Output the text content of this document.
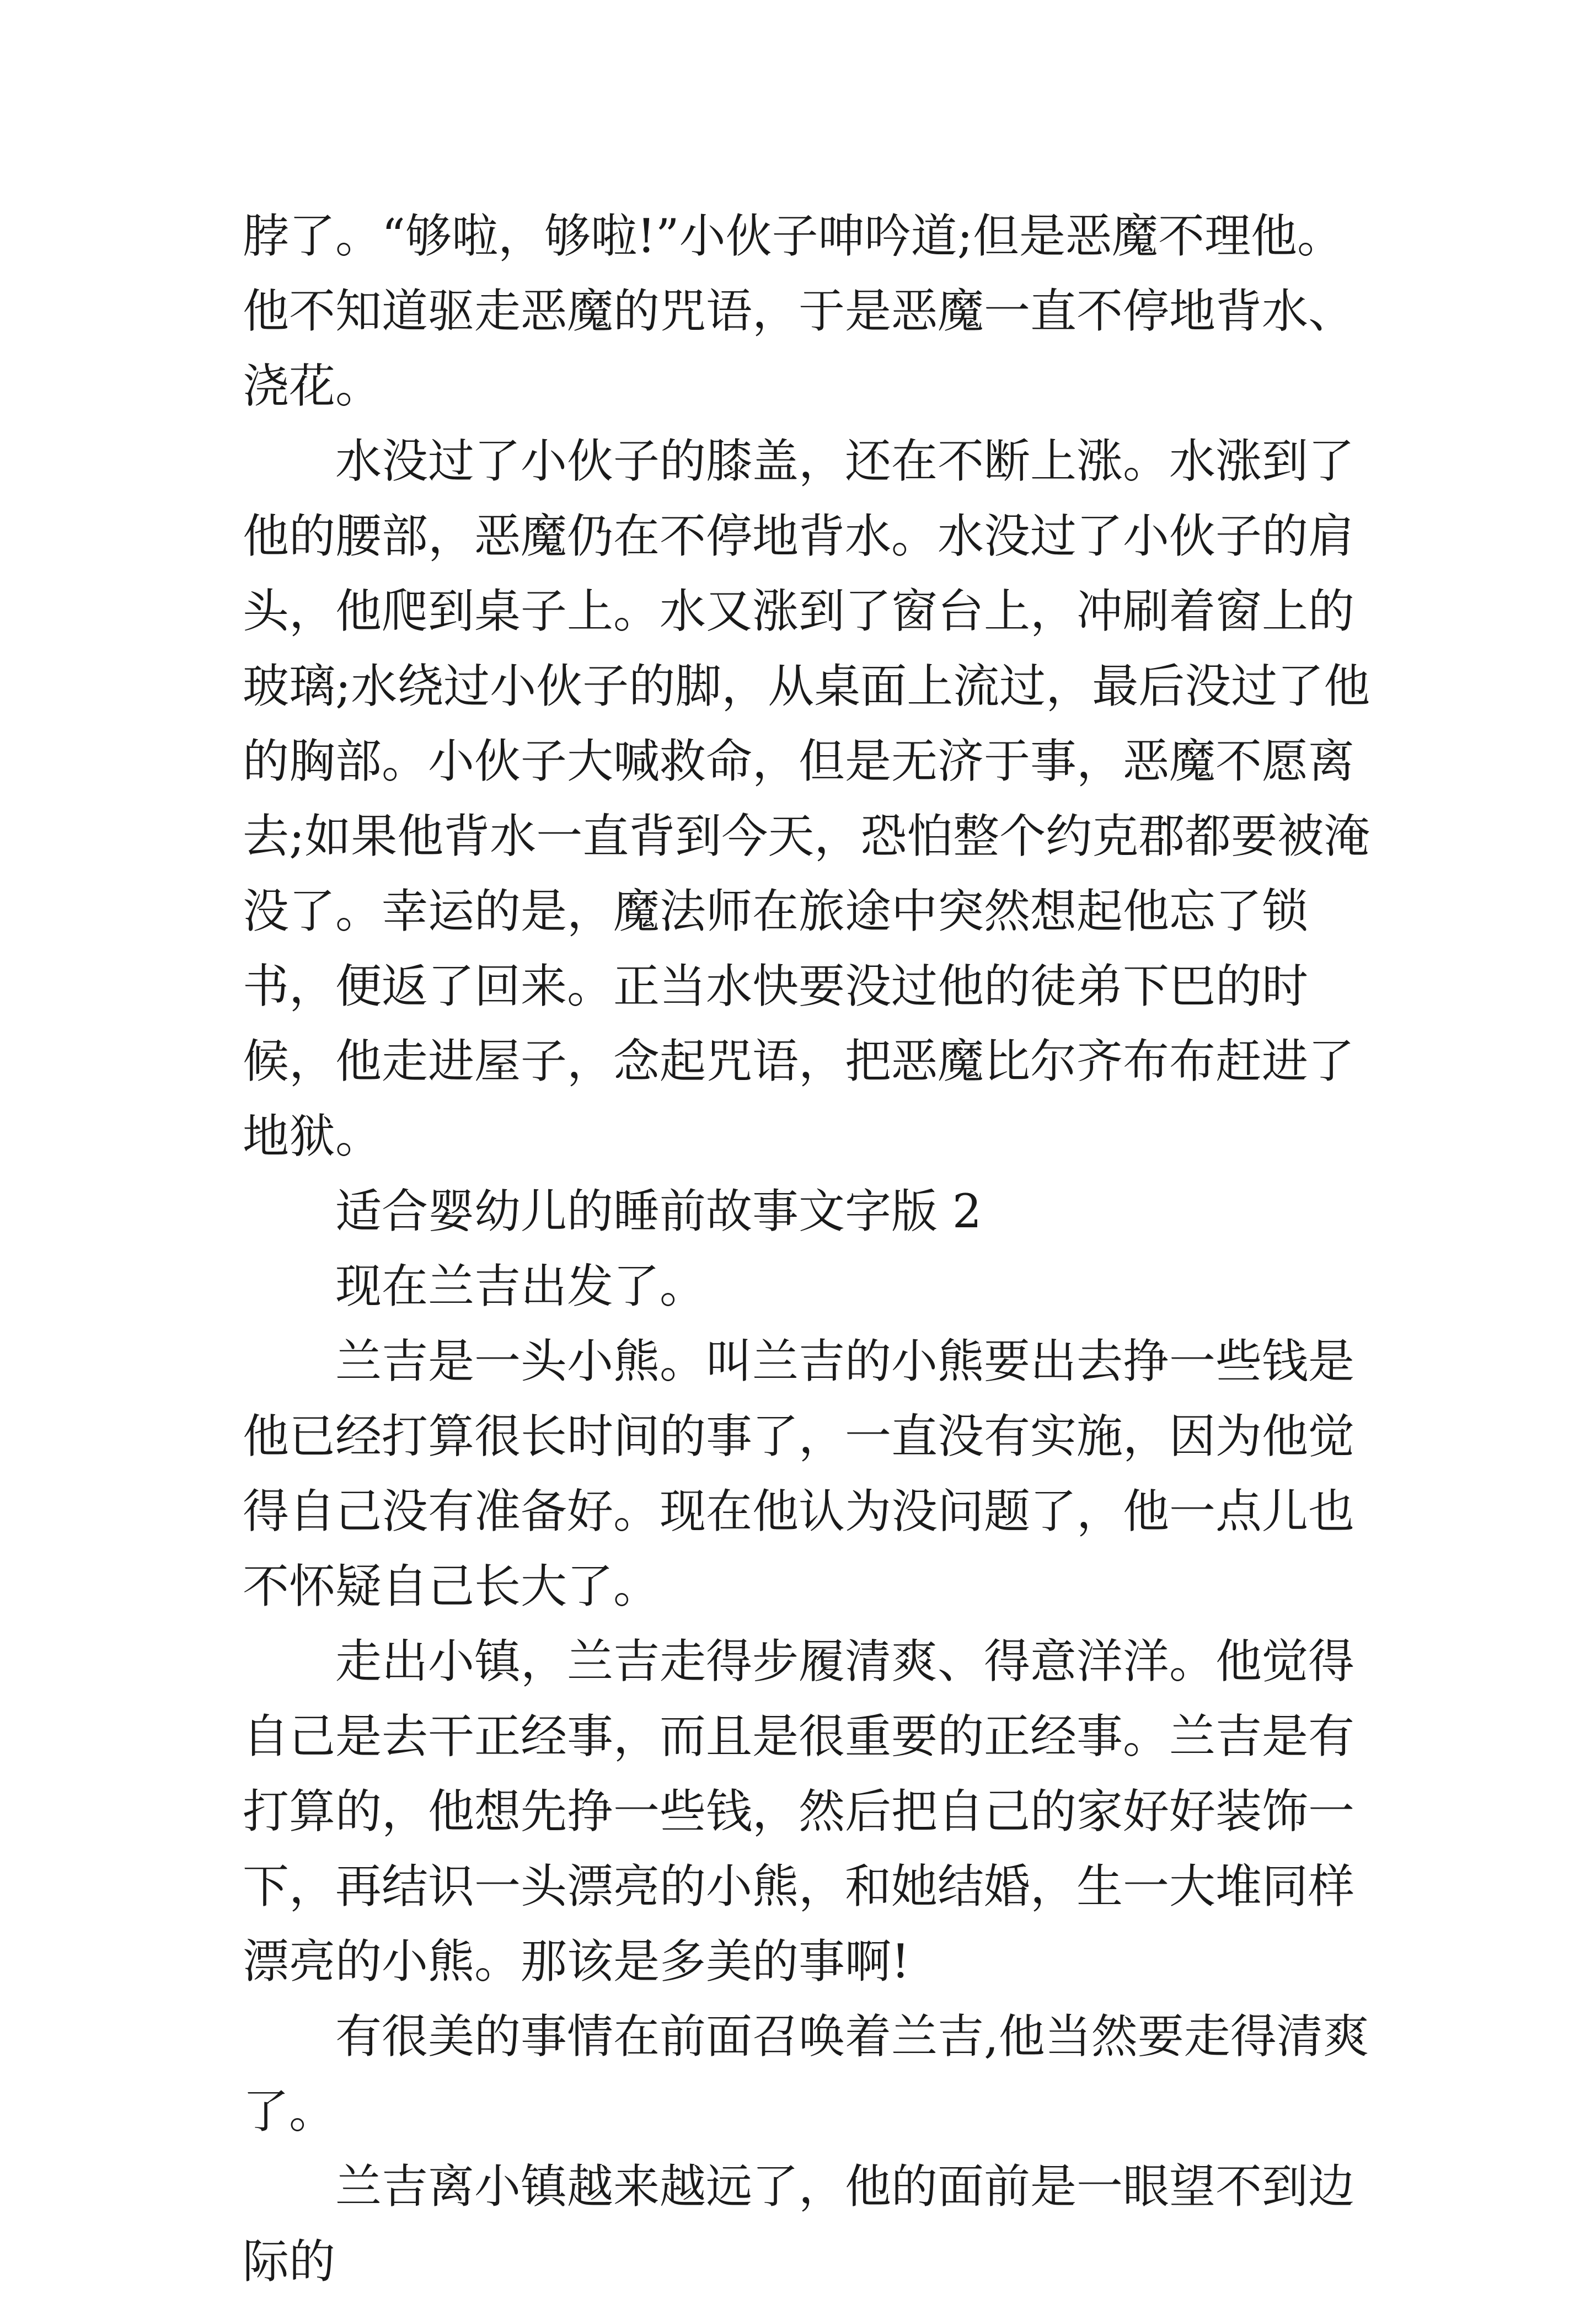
脖了。“够啦，够啦!”小伙子呻吟道;但是恶魔不理他。他不知道驱走恶魔的咒语，于是恶魔一直不停地背水、浇花。

水没过了小伙子的膝盖，还在不断上涨。水涨到了他的腰部，恶魔仍在不停地背水。水没过了小伙子的肩头，他爬到桌子上。水又涨到了窗台上，冲刷着窗上的玻璃;水绕过小伙子的脚，从桌面上流过，最后没过了他的胸部。小伙子大喊救命，但是无济于事，恶魔不愿离去;如果他背水一直背到今天，恐怕整个约克郡都要被淹没了。幸运的是，魔法师在旅途中突然想起他忘了锁书，便返了回来。正当水快要没过他的徒弟下巴的时候，他走进屋子，念起咒语，把恶魔比尔齐布布赶进了地狱。

适合婴幼儿的睡前故事文字版 2

现在兰吉出发了。

兰吉是一头小熊。叫兰吉的小熊要出去挣一些钱是他已经打算很长时间的事了，一直没有实施，因为他觉得自己没有准备好。现在他认为没问题了，他一点儿也不怀疑自己长大了。

走出小镇，兰吉走得步履清爽、得意洋洋。他觉得自己是去干正经事，而且是很重要的正经事。兰吉是有打算的，他想先挣一些钱，然后把自己的家好好装饰一下，再结识一头漂亮的小熊，和她结婚，生一大堆同样漂亮的小熊。那该是多美的事啊!

有很美的事情在前面召唤着兰吉,他当然要走得清爽了。

兰吉离小镇越来越远了，他的面前是一眼望不到边际的
